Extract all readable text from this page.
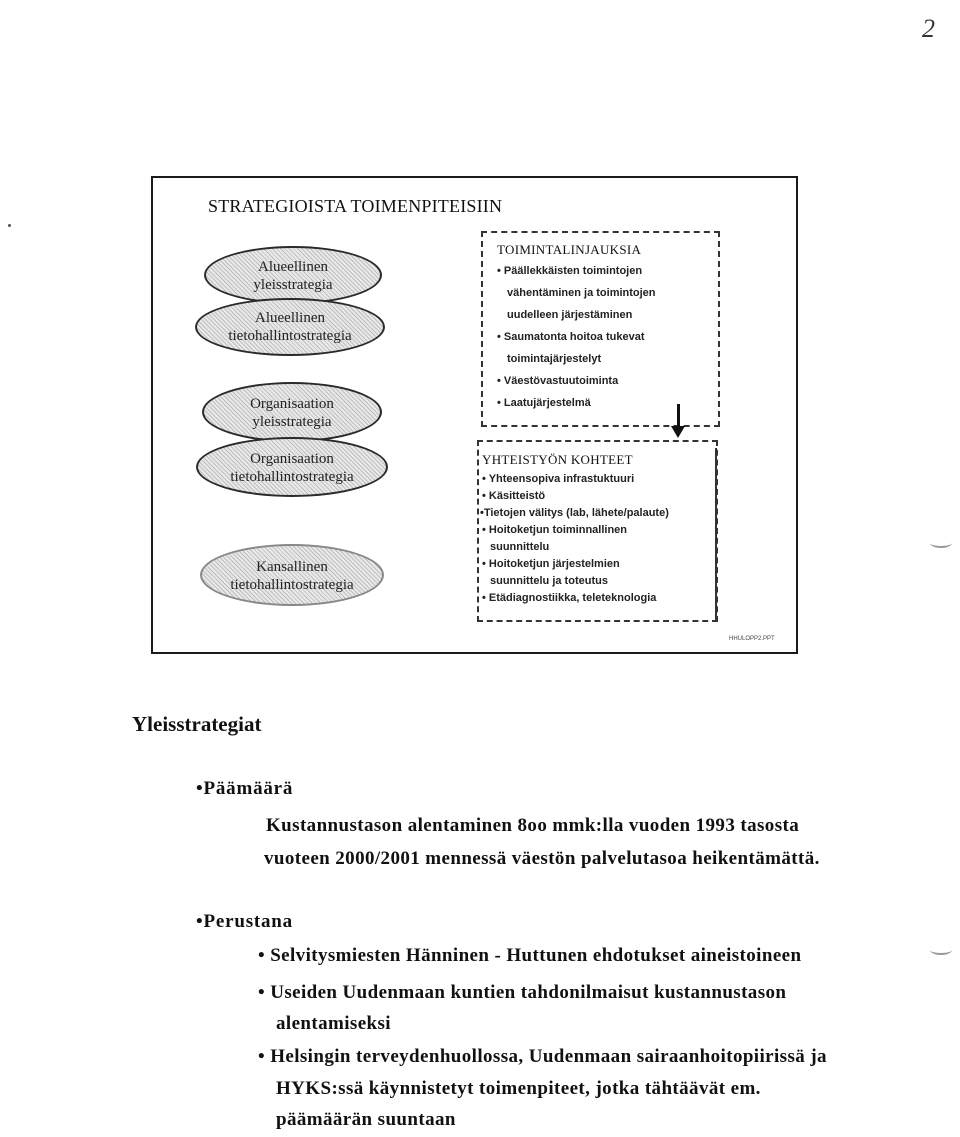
2
STRATEGIOISTA TOIMENPITEISIIN
Alueellinen
yleisstrategia
Alueellinen
tietohallintostrategia
Organisaation
yleisstrategia
Organisaation
tietohallintostrategia
Kansallinen
tietohallintostrategia
TOIMINTALINJAUKSIA
• Päällekkäisten toimintojen
vähentäminen ja toimintojen
uudelleen järjestäminen
• Saumatonta hoitoa tukevat
toimintajärjestelyt
• Väestövastuutoiminta
• Laatujärjestelmä
YHTEISTYÖN KOHTEET
• Yhteensopiva infrastuktuuri
• Käsitteistö
•Tietojen välitys (lab, lähete/palaute)
• Hoitoketjun toiminnallinen
suunnittelu
• Hoitoketjun järjestelmien
suunnittelu ja toteutus
• Etädiagnostiikka, teleteknologia
HHULOPP2.PPT
Yleisstrategiat
•Päämäärä
Kustannustason alentaminen 8oo mmk:lla vuoden 1993 tasosta
vuoteen 2000/2001 mennessä väestön palvelutasoa heikentämättä.
•Perustana
• Selvitysmiesten Hänninen - Huttunen ehdotukset aineistoineen
• Useiden Uudenmaan kuntien tahdonilmaisut kustannustason
alentamiseksi
• Helsingin terveydenhuollossa, Uudenmaan sairaanhoitopiirissä ja
HYKS:ssä käynnistetyt toimenpiteet, jotka tähtäävät em.
päämäärän suuntaan
